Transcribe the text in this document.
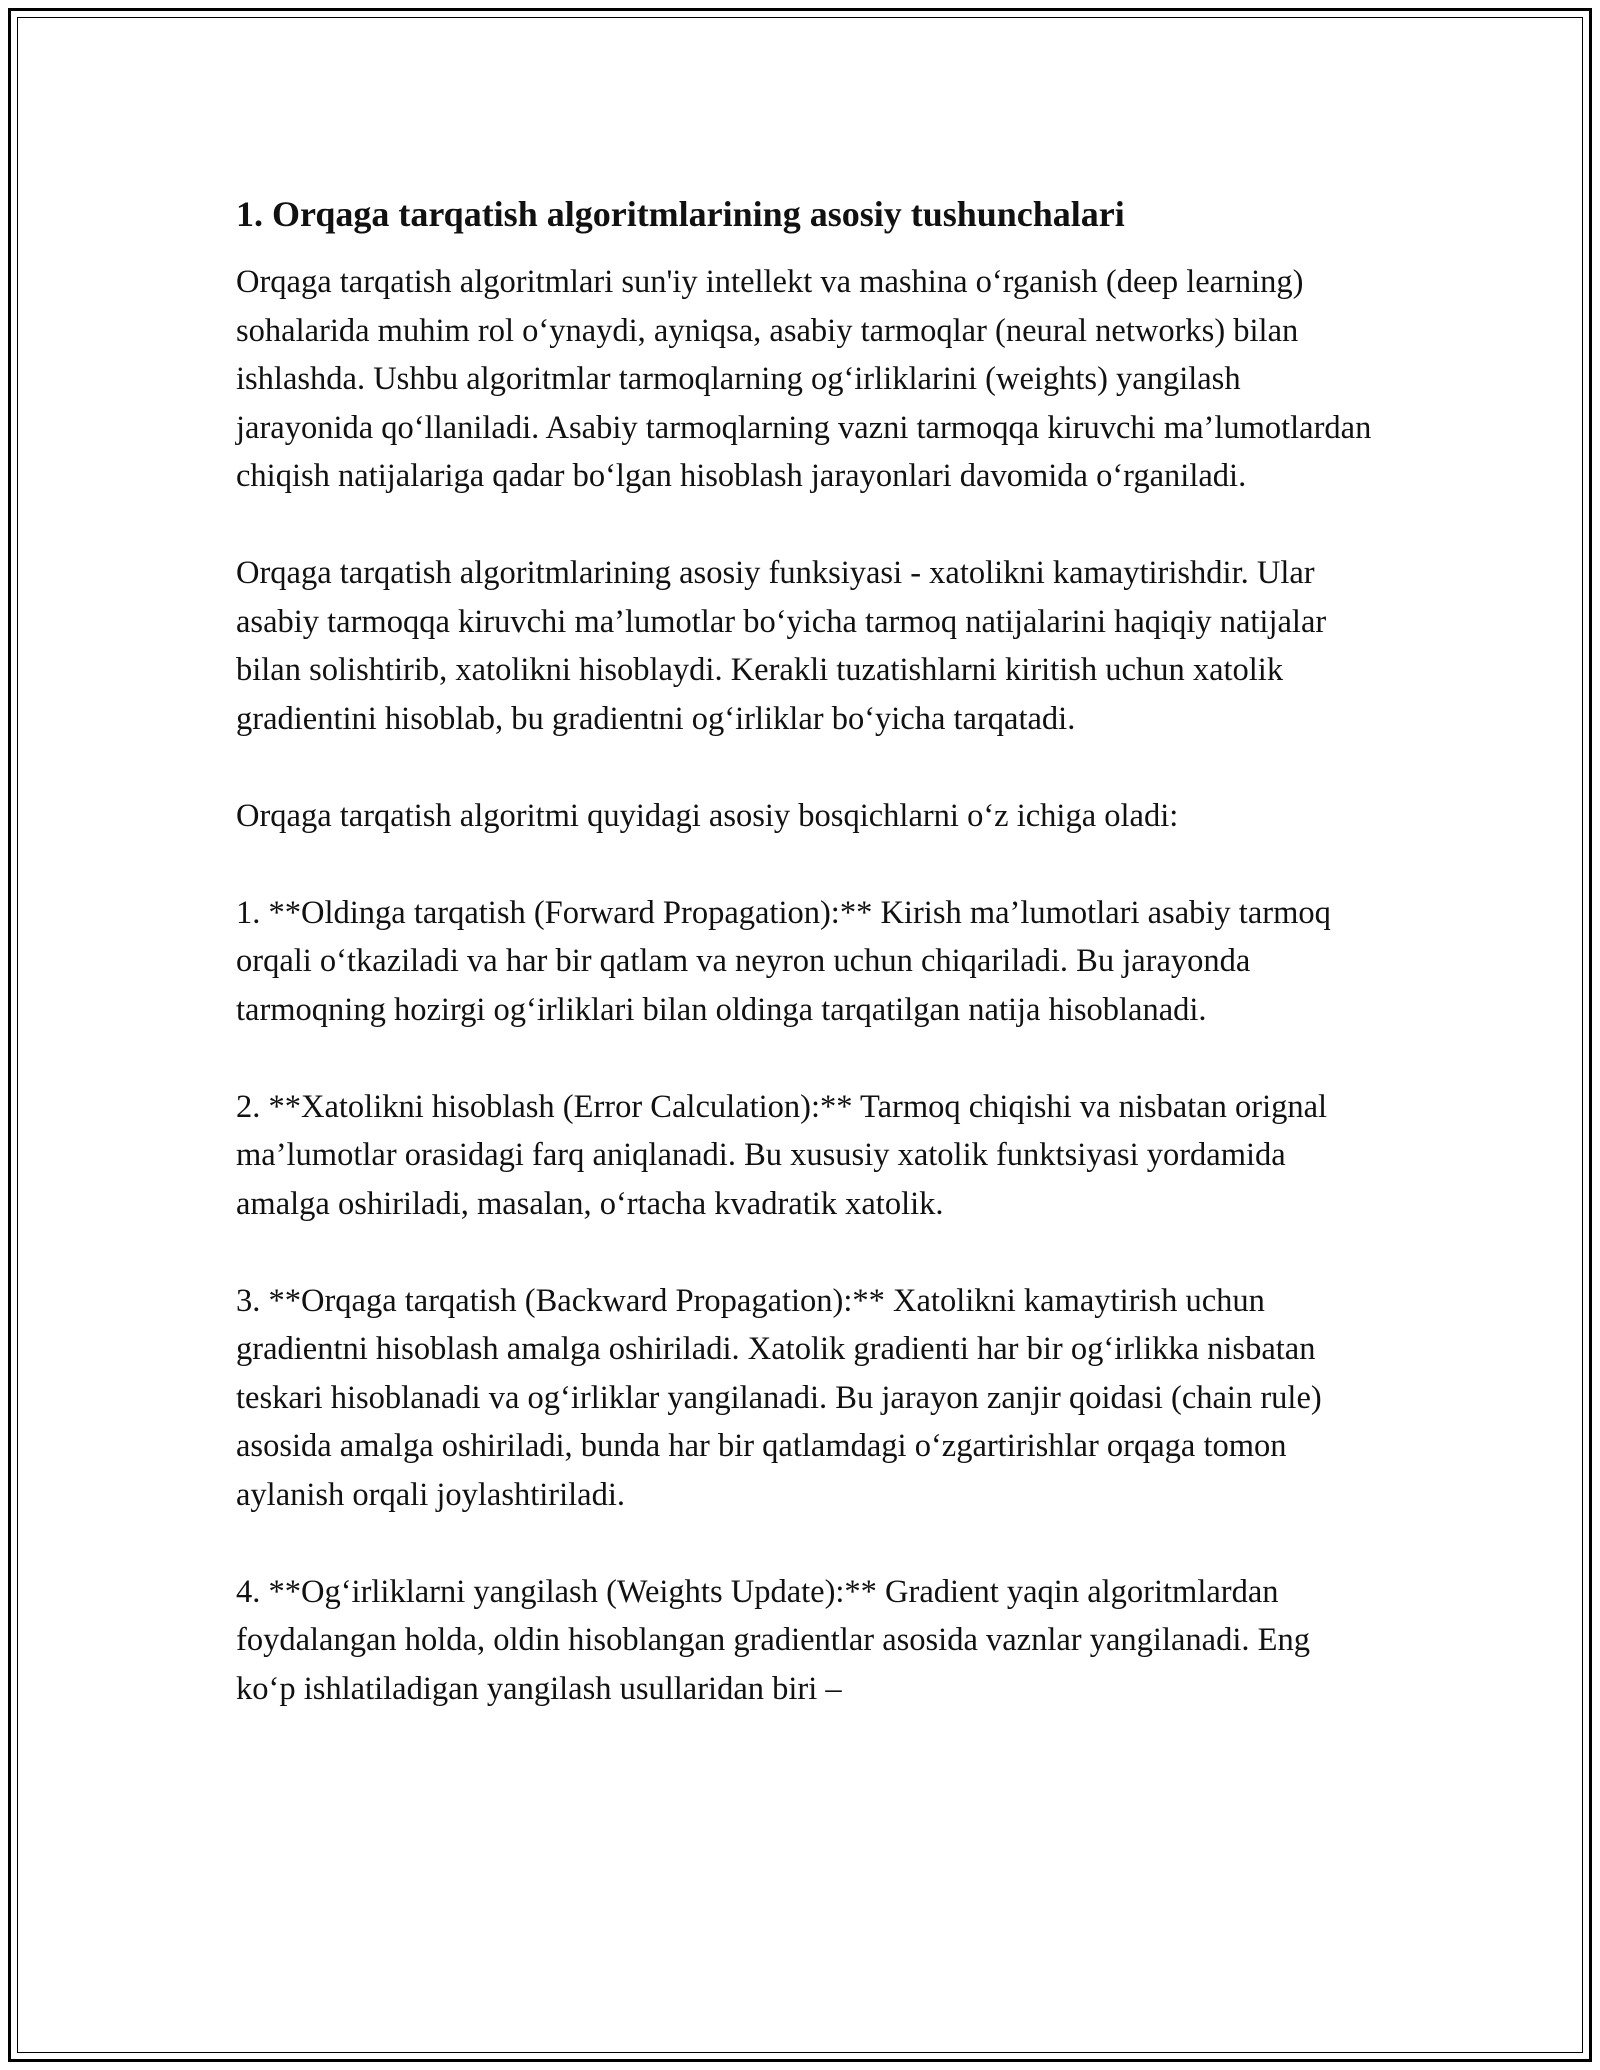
1. Orqaga tarqatish algoritmlarining asosiy tushunchalari

Orqaga tarqatish algoritmlari sun'iy intellekt va mashina o‘rganish (deep learning) sohalarida muhim rol o‘ynaydi, ayniqsa, asabiy tarmoqlar (neural networks) bilan ishlashda. Ushbu algoritmlar tarmoqlarning og‘irliklarini (weights) yangilash jarayonida qo‘llaniladi. Asabiy tarmoqlarning vazni tarmoqqa kiruvchi ma’lumotlardan chiqish natijalariga qadar bo‘lgan hisoblash jarayonlari davomida o‘rganiladi.

Orqaga tarqatish algoritmlarining asosiy funksiyasi - xatolikni kamaytirishdir. Ular asabiy tarmoqqa kiruvchi ma’lumotlar bo‘yicha tarmoq natijalarini haqiqiy natijalar bilan solishtirib, xatolikni hisoblaydi. Kerakli tuzatishlarni kiritish uchun xatolik gradientini hisoblab, bu gradientni og‘irliklar bo‘yicha tarqatadi.

Orqaga tarqatish algoritmi quyidagi asosiy bosqichlarni o‘z ichiga oladi:

1. **Oldinga tarqatish (Forward Propagation):** Kirish ma’lumotlari asabiy tarmoq orqali o‘tkaziladi va har bir qatlam va neyron uchun chiqariladi. Bu jarayonda tarmoqning hozirgi og‘irliklari bilan oldinga tarqatilgan natija hisoblanadi.

2. **Xatolikni hisoblash (Error Calculation):** Tarmoq chiqishi va nisbatan orignal ma’lumotlar orasidagi farq aniqlanadi. Bu xususiy xatolik funktsiyasi yordamida amalga oshiriladi, masalan, o‘rtacha kvadratik xatolik.

3. **Orqaga tarqatish (Backward Propagation):** Xatolikni kamaytirish uchun gradientni hisoblash amalga oshiriladi. Xatolik gradienti har bir og‘irlikka nisbatan teskari hisoblanadi va og‘irliklar yangilanadi. Bu jarayon zanjir qoidasi (chain rule) asosida amalga oshiriladi, bunda har bir qatlamdagi o‘zgartirishlar orqaga tomon aylanish orqali joylashtiriladi.

4. **Og‘irliklarni yangilash (Weights Update):** Gradient yaqin algoritmlardan foydalangan holda, oldin hisoblangan gradientlar asosida vaznlar yangilanadi. Eng ko‘p ishlatiladigan yangilash usullaridan biri –
